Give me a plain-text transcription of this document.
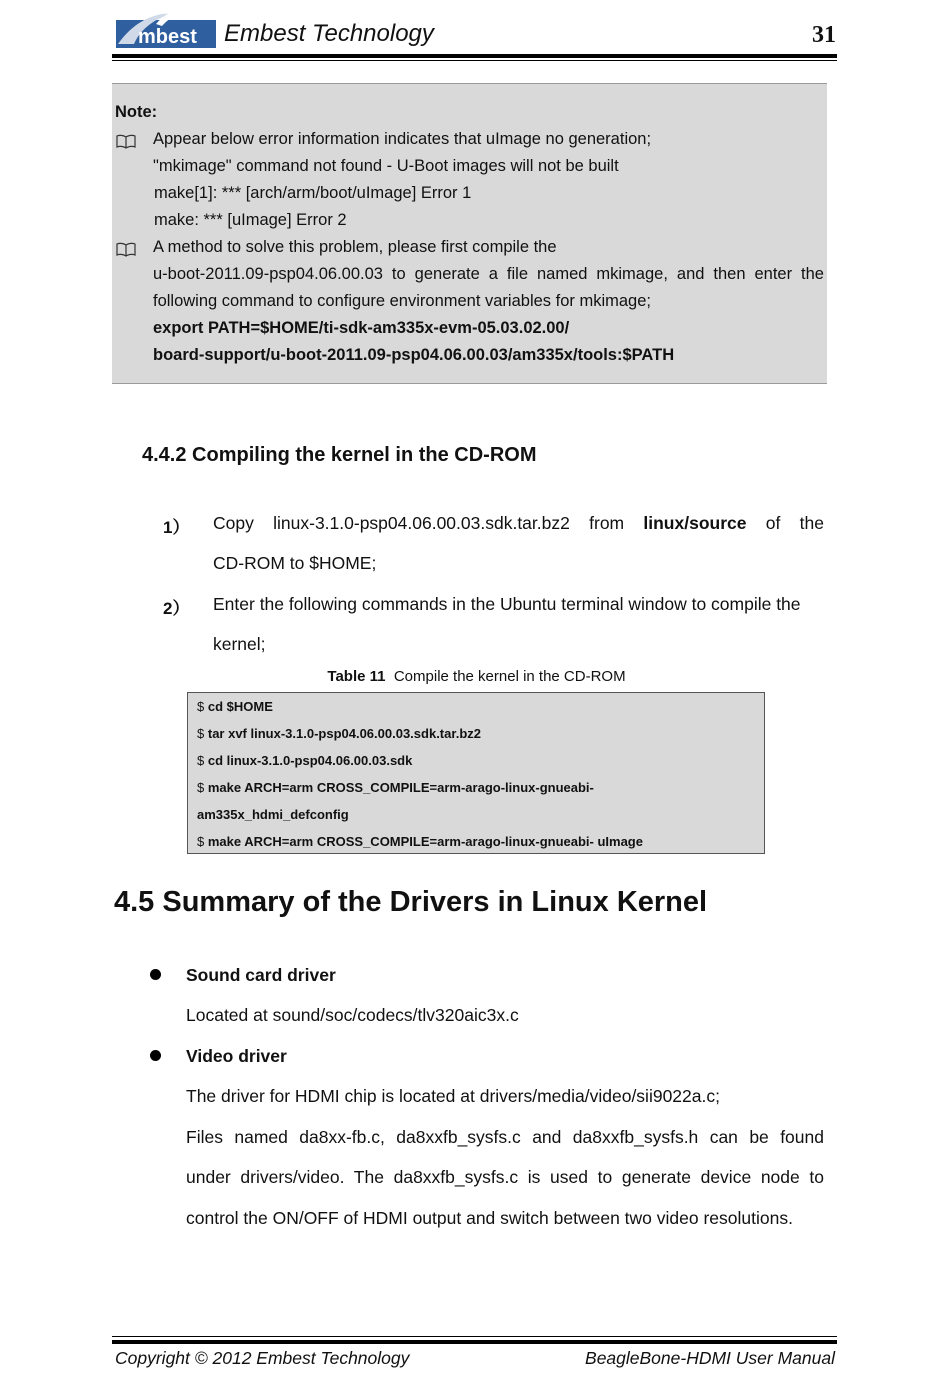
mbest Embest Technology	31
Note:
Appear below error information indicates that uImage no generation;
"mkimage" command not found - U-Boot images will not be built
make[1]: *** [arch/arm/boot/uImage] Error 1
make: *** [uImage] Error 2
A method to solve this problem, please first compile the
u-boot-2011.09-psp04.06.00.03 to generate a file named mkimage, and then enter the
following command to configure environment variables for mkimage;
export PATH=$HOME/ti-sdk-am335x-evm-05.03.02.00/
board-support/u-boot-2011.09-psp04.06.00.03/am335x/tools:$PATH
4.4.2 Compiling the kernel in the CD-ROM
1） Copy linux-3.1.0-psp04.06.00.03.sdk.tar.bz2 from linux/source of the
CD-ROM to $HOME;
2） Enter the following commands in the Ubuntu terminal window to compile the
kernel;
Table 11 Compile the kernel in the CD-ROM
$ cd $HOME
$ tar xvf linux-3.1.0-psp04.06.00.03.sdk.tar.bz2
$ cd linux-3.1.0-psp04.06.00.03.sdk
$ make ARCH=arm CROSS_COMPILE=arm-arago-linux-gnueabi-
am335x_hdmi_defconfig
$ make ARCH=arm CROSS_COMPILE=arm-arago-linux-gnueabi- uImage
4.5 Summary of the Drivers in Linux Kernel
Sound card driver
Located at sound/soc/codecs/tlv320aic3x.c
Video driver
The driver for HDMI chip is located at drivers/media/video/sii9022a.c;
Files named da8xx-fb.c, da8xxfb_sysfs.c and da8xxfb_sysfs.h can be found
under drivers/video. The da8xxfb_sysfs.c is used to generate device node to
control the ON/OFF of HDMI output and switch between two video resolutions.
Copyright © 2012 Embest Technology	BeagleBone-HDMI User Manual
